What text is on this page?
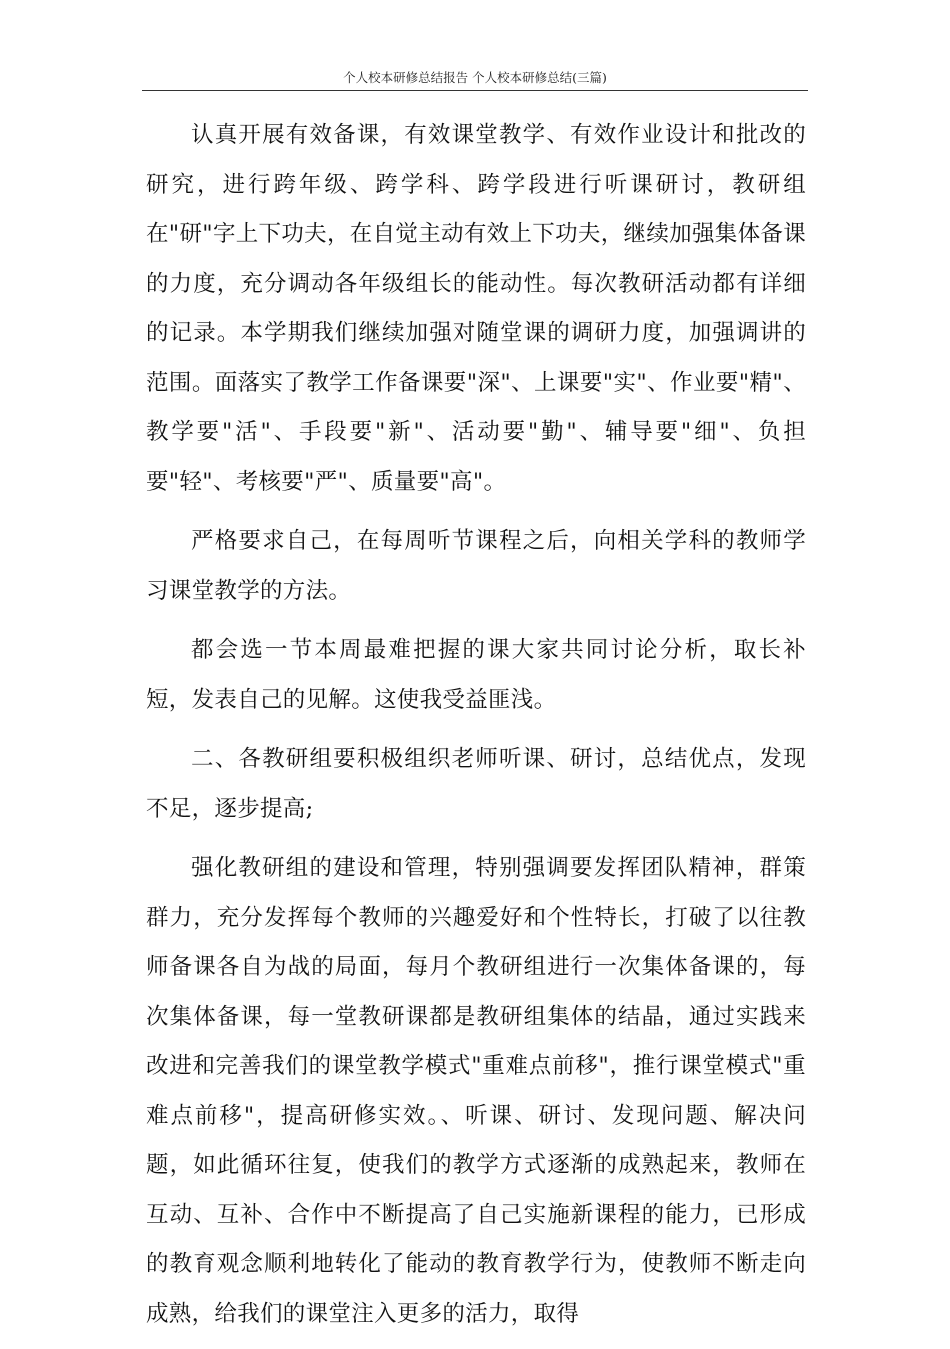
个人校本研修总结报告 个人校本研修总结(三篇)

认真开展有效备课，有效课堂教学、有效作业设计和批改的研究，进行跨年级、跨学科、跨学段进行听课研讨，教研组在"研"字上下功夫，在自觉主动有效上下功夫，继续加强集体备课的力度，充分调动各年级组长的能动性。每次教研活动都有详细的记录。本学期我们继续加强对随堂课的调研力度，加强调讲的范围。面落实了教学工作备课要"深"、上课要"实"、作业要"精"、教学要"活"、手段要"新"、活动要"勤"、辅导要"细"、负担要"轻"、考核要"严"、质量要"高"。

严格要求自己，在每周听节课程之后，向相关学科的教师学习课堂教学的方法。

都会选一节本周最难把握的课大家共同讨论分析，取长补短，发表自己的见解。这使我受益匪浅。

二、各教研组要积极组织老师听课、研讨，总结优点，发现不足，逐步提高;

强化教研组的建设和管理，特别强调要发挥团队精神，群策群力，充分发挥每个教师的兴趣爱好和个性特长，打破了以往教师备课各自为战的局面，每月个教研组进行一次集体备课的，每次集体备课，每一堂教研课都是教研组集体的结晶，通过实践来改进和完善我们的课堂教学模式"重难点前移"，推行课堂模式"重难点前移"，提高研修实效。、听课、研讨、发现问题、解决问题，如此循环往复，使我们的教学方式逐渐的成熟起来，教师在互动、互补、合作中不断提高了自己实施新课程的能力，已形成的教育观念顺利地转化了能动的教育教学行为，使教师不断走向成熟，给我们的课堂注入更多的活力，取得
